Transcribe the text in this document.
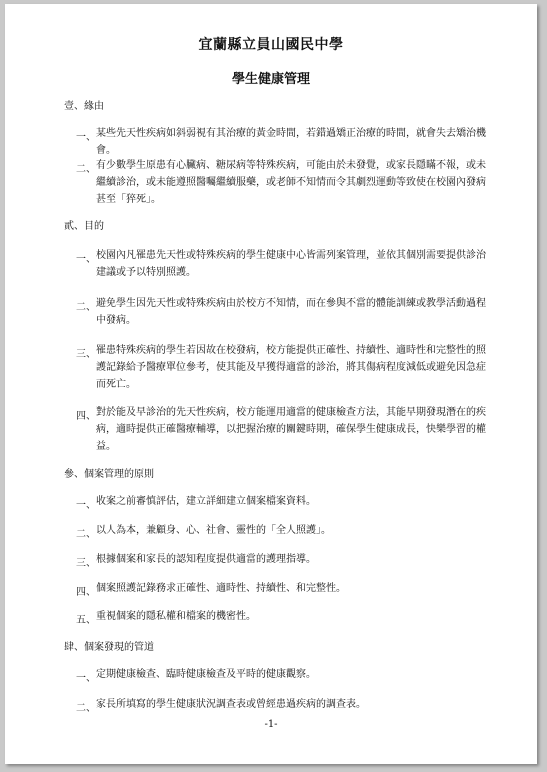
宜蘭縣立員山國民中學
學生健康管理
壹、緣由
一、 某些先天性疾病如斜弱視有其治療的黃金時間，若錯過矯正治療的時間，就會失去矯治機會。
二、 有少數學生原患有心臟病、糖尿病等特殊疾病，可能由於未發覺，或家長隱瞞不報，或未繼續診治，或未能遵照醫囑繼續服藥，或老師不知情而令其劇烈運動等致使在校園內發病甚至「猝死」。
貳、目的
一、 校園內凡罹患先天性或特殊疾病的學生健康中心皆需列案管理，並依其個別需要提供診治建議或予以特別照護。
二、 避免學生因先天性或特殊疾病由於校方不知情，而在參與不當的體能訓練或教學活動過程中發病。
三、 罹患特殊疾病的學生若因故在校發病，校方能提供正確性、持續性、適時性和完整性的照護記錄給予醫療單位參考，使其能及早獲得適當的診治，將其傷病程度減低或避免因急症而死亡。
四、 對於能及早診治的先天性疾病，校方能運用適當的健康檢查方法，其能早期發現潛在的疾病，適時提供正確醫療輔導，以把握治療的關鍵時期，確保學生健康成長，快樂學習的權益。
參、個案管理的原則
一、 收案之前審慎評估，建立詳細建立個案檔案資料。
二、 以人為本，兼顧身、心、社會、靈性的「全人照護」。
三、 根據個案和家長的認知程度提供適當的護理指導。
四、 個案照護記錄務求正確性、適時性、持續性、和完整性。
五、 重視個案的隱私權和檔案的機密性。
肆、個案發現的管道
一、 定期健康檢查、臨時健康檢查及平時的健康觀察。
二、 家長所填寫的學生健康狀況調查表或曾經患過疾病的調查表。
-1-
